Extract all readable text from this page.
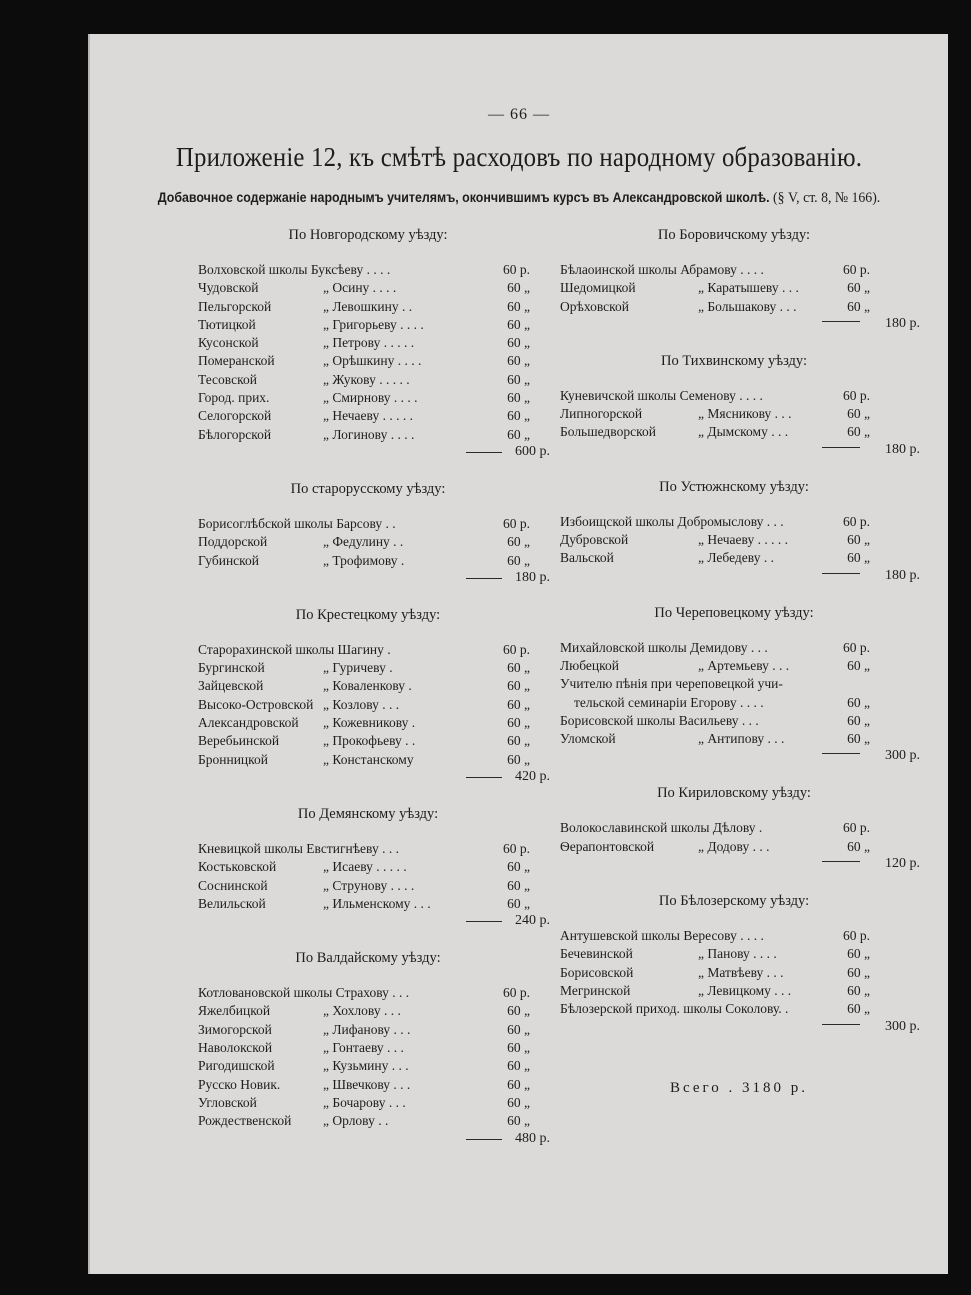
— 66 —
Приложенiе 12, къ смѣтѣ расходовъ по народному образованiю.
Добавочное содержанiе народнымъ учителямъ, окончившимъ курсъ въ Александровской школѣ. (§ V, ст. 8, № 166).
По Новгородскому уѣзду:
Волховской школы Буксѣеву . . . .	60 р.
Чудовской	„ Осину . . . .	60 „
Пельгорской	„ Левошкину . .	60 „
Тютицкой	„ Григорьеву . . . .	60 „
Кусонской	„ Петрову . . . . .	60 „
Померанской	„ Орѣшкину . . . .	60 „
Тесовской	„ Жукову . . . . .	60 „
Город. прих.	„ Смирнову . . . .	60 „
Селогорской	„ Нечаеву . . . . .	60 „
Бѣлогорской	„ Логинову . . . .	60 „
600 р.
По старорусскому уѣзду:
Борисоглѣбской школы Барсову . .	60 р.
Поддорской	„ Федулину . .	60 „
Губинской	„ Трофимову .	60 „
180 р.
По Крестецкому уѣзду:
Старорахинской школы Шагину .	60 р.
Бургинской	„ Гуричеву .	60 „
Зайцевской	„ Коваленкову .	60 „
Высоко-Островской „ Козлову . . .	60 „
Александровской „ Кожевникову .	60 „
Веребьинской	„ Прокофьеву . .	60 „
Бронницкой	„ Констанскому	60 „
420 р.
По Демянскому уѣзду:
Кневицкой школы Евстигнѣеву . . .	60 р.
Костьковской	„ Исаеву . . . . .	60 „
Соснинской	„ Струнову . . . .	60 „
Велильской	„ Ильменскому . . .	60 „
240 р.
По Валдайскому уѣзду:
Котловановской школы Страхову . . .	60 р.
Яжелбицкой	„ Хохлову . . .	60 „
Зимогорской	„ Лифанову . . .	60 „
Наволокской	„ Гонтаеву . . .	60 „
Ригодишской	„ Кузьмину . . .	60 „
Русско Новик.	„ Швечкову . . .	60 „
Угловской	„ Бочарову . . .	60 „
Рождественской „ Орлову . .	60 „
480 р.
По Боровичскому уѣзду:
Бѣлаоинской школы Абрамову . . . .	60 р.
Шедомицкой	„ Каратышеву . . .	60 „
Орѣховской	„ Большакову . . .	60 „
180 р.
По Тихвинскому уѣзду:
Куневичской школы Семенову . . . .	60 р.
Липногорской	„ Мясникову . . .	60 „
Большедворской	„ Дымскому . . .	60 „
180 р.
По Устюжнскому уѣзду:
Избоищской школы Добромыслову . . .	60 р.
Дубровской	„ Нечаеву . . . . .	60 „
Вальской	„ Лебедеву . .	60 „
180 р.
По Череповецкому уѣзду:
Михайловской школы Демидову . . .	60 р.
Любецкой	„ Артемьеву . . .	60 „
Учителю пѣнія при череповецкой учи-
тельской семинаріи Егорову . . . .	60 „
Борисовской школы Васильеву . . .	60 „
Уломской	„ Антипову . . .	60 „
300 р.
По Кириловскому уѣзду:
Волокославинской школы Дѣлову .	60 р.
Ѳерапонтовской	„ Додову . . .	60 „
120 р.
По Бѣлозерскому уѣзду:
Антушевской школы Вересову . . . .	60 р.
Бечевинской	„ Панову . . . .	60 „
Борисовской	„ Матвѣеву . . .	60 „
Мегринской	„ Левицкому . . .	60 „
Бѣлозерской приход. школы Соколову. .	60 „
300 р.
Всего . 3180 р.
